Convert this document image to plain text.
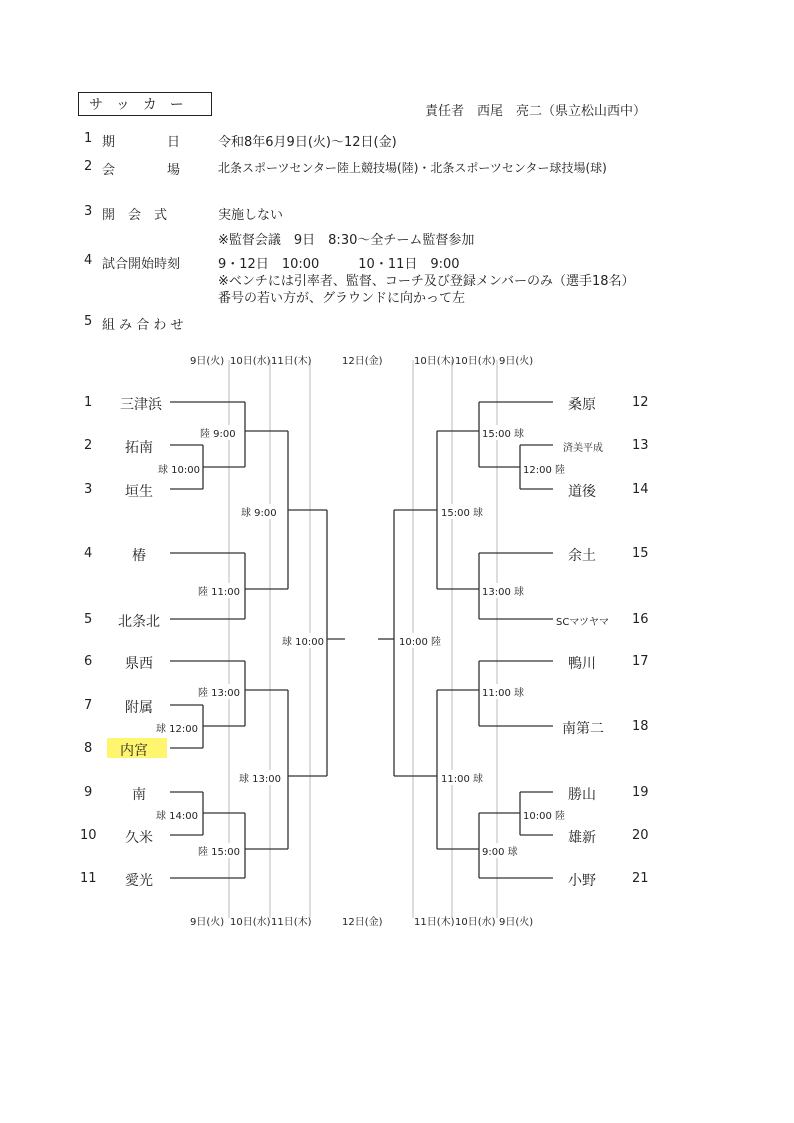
サッカー	責任者　西尾　亮二（県立松山西中）
1 期　　　　日	令和8年6月9日(火)～12日(金)
2 会　　　　場	北条スポーツセンター陸上競技場(陸)・北条スポーツセンター球技場(球)
3 開　会　式	実施しない
※監督会議　9日　8:30～全チーム監督参加
4 試合開始時刻	9・12日　10:00　　　10・11日　9:00
※ベンチには引率者、監督、コーチ及び登録メンバーのみ（選手18名）
番号の若い方が、グラウンドに向かって左
5 組 み 合 わ せ
9日(火) 10日(水) 11日(木)	12日(金)	10日(木) 10日(水) 9日(火)
9日(火) 10日(水) 11日(木)	12日(金)	11日(木) 10日(水) 9日(火)
1 三津浜
2 拓南
3 垣生
4	椿
5 北条北
6 県西
7 附属
8 内宮
9	南
10 久米
11 愛光
桑原	12
済美平成 13
道後	14
余土	15
SCマツヤマ 16
鴨川	17
南第二 18
勝山	19
雄新	20
小野	21
球 10:00
陸 9:00
陸 11:00
球 9:00
球 12:00
陸 13:00
球 14:00
陸 15:00
球 13:00
球 10:00
12:00 陸
15:00 球
13:00 球
15:00 球
11:00 球
10:00 陸
9:00 球
11:00 球
10:00 陸
